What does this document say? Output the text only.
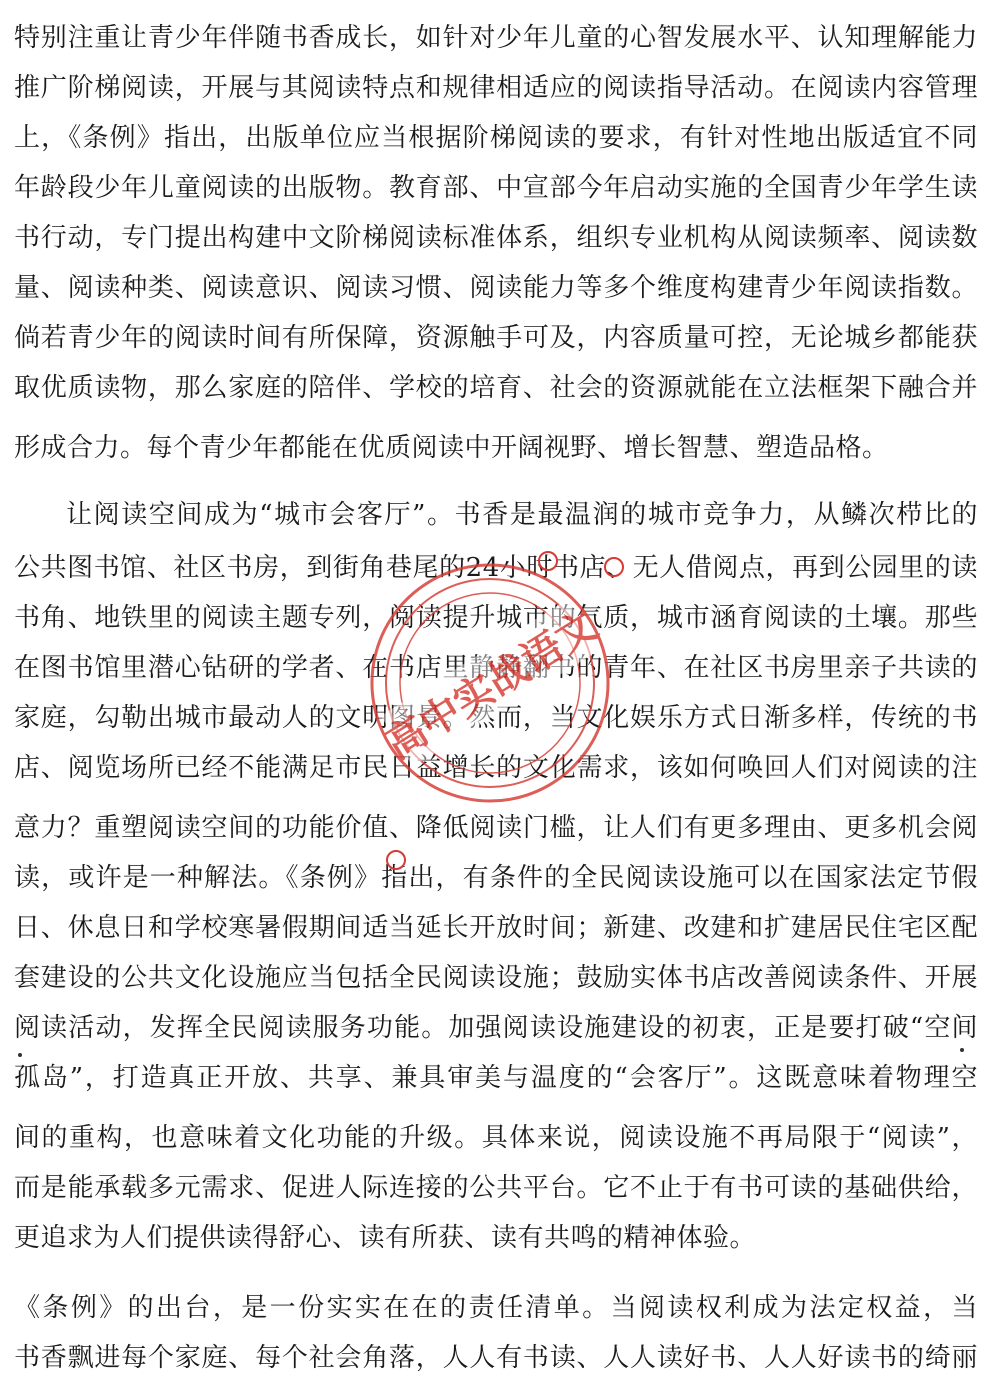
特别注重让青少年伴随书香成长，如针对少年儿童的心智发展水平、认知理解能力
推广阶梯阅读，开展与其阅读特点和规律相适应的阅读指导活动。在阅读内容管理
上，《条例》指出，出版单位应当根据阶梯阅读的要求，有针对性地出版适宜不同
年龄段少年儿童阅读的出版物。教育部、中宣部今年启动实施的全国青少年学生读
书行动，专门提出构建中文阶梯阅读标准体系，组织专业机构从阅读频率、阅读数
量、阅读种类、阅读意识、阅读习惯、阅读能力等多个维度构建青少年阅读指数。
倘若青少年的阅读时间有所保障，资源触手可及，内容质量可控，无论城乡都能获
取优质读物，那么家庭的陪伴、学校的培育、社会的资源就能在立法框架下融合并
形成合力。每个青少年都能在优质阅读中开阔视野、增长智慧、塑造品格。
让阅读空间成为“城市会客厅”。书香是最温润的城市竞争力，从鳞次栉比的
公共图书馆、社区书房，到街角巷尾的24小时书店、无人借阅点，再到公园里的读
书角、地铁里的阅读主题专列，阅读提升城市的气质，城市涵育阅读的土壤。那些
在图书馆里潜心钻研的学者、在书店里静静翻书的青年、在社区书房里亲子共读的
家庭，勾勒出城市最动人的文明图景。然而，当文化娱乐方式日渐多样，传统的书
店、阅览场所已经不能满足市民日益增长的文化需求，该如何唤回人们对阅读的注
意力？重塑阅读空间的功能价值、降低阅读门槛，让人们有更多理由、更多机会阅
读，或许是一种解法。《条例》指出，有条件的全民阅读设施可以在国家法定节假
日、休息日和学校寒暑假期间适当延长开放时间；新建、改建和扩建居民住宅区配
套建设的公共文化设施应当包括全民阅读设施；鼓励实体书店改善阅读条件、开展
阅读活动，发挥全民阅读服务功能。加强阅读设施建设的初衷，正是要打破“空间
孤岛”，打造真正开放、共享、兼具审美与温度的“会客厅”。这既意味着物理空
间的重构，也意味着文化功能的升级。具体来说，阅读设施不再局限于“阅读”，
而是能承载多元需求、促进人际连接的公共平台。它不止于有书可读的基础供给，
更追求为人们提供读得舒心、读有所获、读有共鸣的精神体验。
《条例》的出台，是一份实实在在的责任清单。当阅读权利成为法定权益，当
书香飘进每个家庭、每个社会角落，人人有书读、人人读好书、人人好读书的绮丽
高中实战语文
